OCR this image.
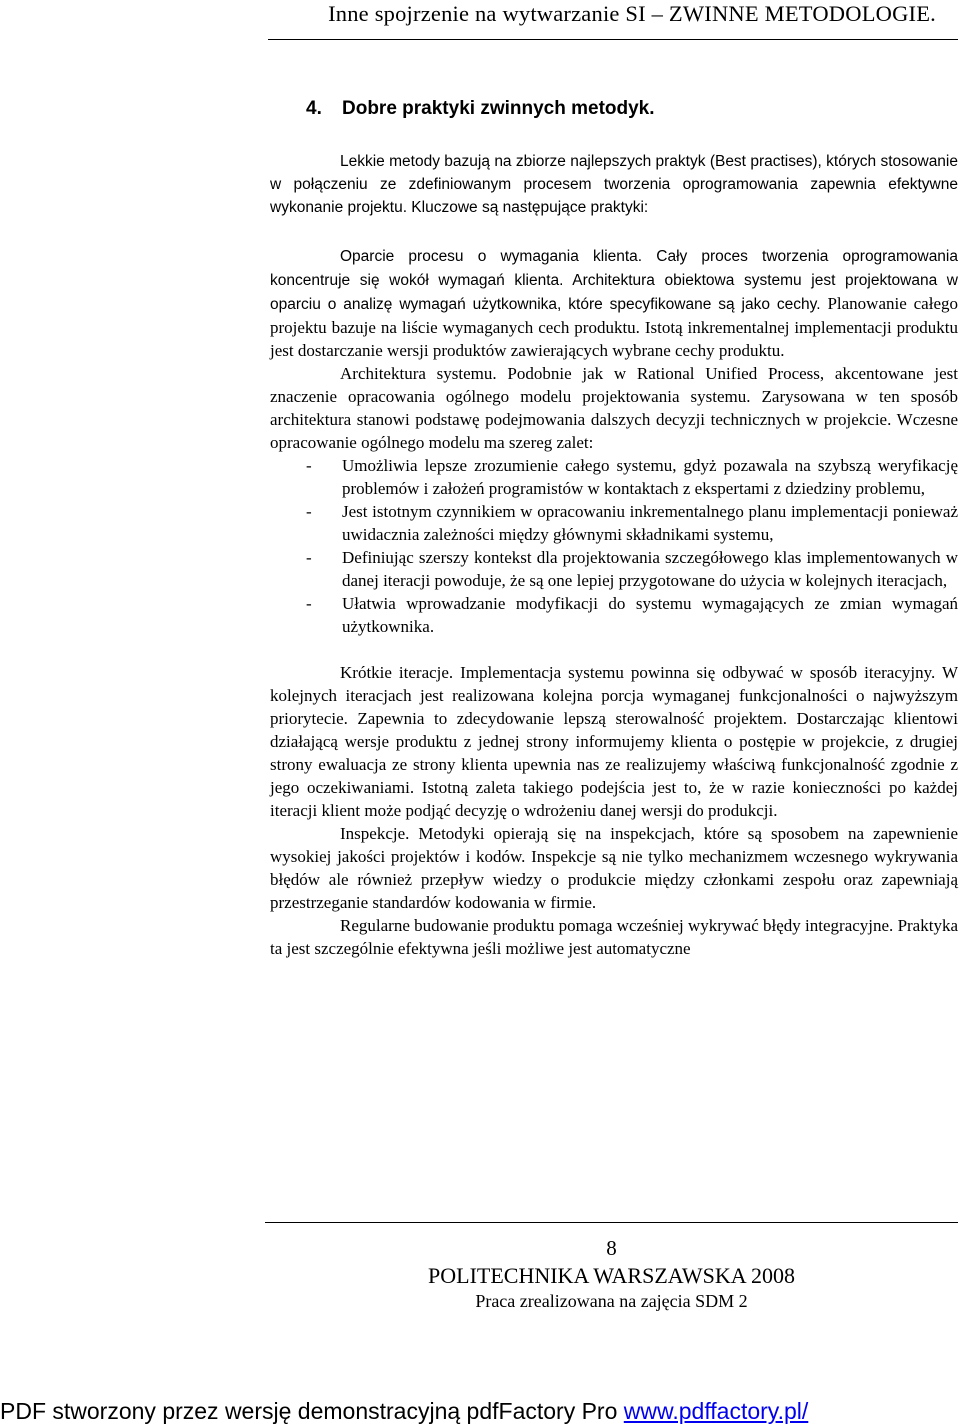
Inne spojrzenie na wytwarzanie SI – ZWINNE METODOLOGIE.
4. Dobre praktyki zwinnych metodyk.

Lekkie metody bazują na zbiorze najlepszych praktyk (Best practises), których stosowanie w połączeniu ze zdefiniowanym procesem tworzenia oprogramowania zapewnia efektywne wykonanie projektu. Kluczowe są następujące praktyki:

Oparcie procesu o wymagania klienta. Cały proces tworzenia oprogramowania koncentruje się wokół wymagań klienta. Architektura obiektowa systemu jest projektowana w oparciu o analizę wymagań użytkownika, które specyfikowane są jako cechy. Planowanie całego projektu bazuje na liście wymaganych cech produktu. Istotą inkrementalnej implementacji produktu jest dostarczanie wersji produktów zawierających wybrane cechy produktu.

Architektura systemu. Podobnie jak w Rational Unified Process, akcentowane jest znaczenie opracowania ogólnego modelu projektowania systemu. Zarysowana w ten sposób architektura stanowi podstawę podejmowania dalszych decyzji technicznych w projekcie. Wczesne opracowanie ogólnego modelu ma szereg zalet:

- Umożliwia lepsze zrozumienie całego systemu, gdyż pozawala na szybszą weryfikację problemów i założeń programistów w kontaktach z ekspertami z dziedziny problemu,
- Jest istotnym czynnikiem w opracowaniu inkrementalnego planu implementacji ponieważ uwidacznia zależności między głównymi składnikami systemu,
- Definiując szerszy kontekst dla projektowania szczegółowego klas implementowanych w danej iteracji powoduje, że są one lepiej przygotowane do użycia w kolejnych iteracjach,
- Ułatwia wprowadzanie modyfikacji do systemu wymagających ze zmian wymagań użytkownika.

Krótkie iteracje. Implementacja systemu powinna się odbywać w sposób iteracyjny. W kolejnych iteracjach jest realizowana kolejna porcja wymaganej funkcjonalności o najwyższym priorytecie. Zapewnia to zdecydowanie lepszą sterowalność projektem. Dostarczając klientowi działającą wersje produktu z jednej strony informujemy klienta o postępie w projekcie, z drugiej strony ewaluacja ze strony klienta upewnia nas ze realizujemy właściwą funkcjonalność zgodnie z jego oczekiwaniami. Istotną zaleta takiego podejścia jest to, że w razie konieczności po każdej iteracji klient może podjąć decyzję o wdrożeniu danej wersji do produkcji.

Inspekcje. Metodyki opierają się na inspekcjach, które są sposobem na zapewnienie wysokiej jakości projektów i kodów. Inspekcje są nie tylko mechanizmem wczesnego wykrywania błędów ale również przepływ wiedzy o produkcie między członkami zespołu oraz zapewniają przestrzeganie standardów kodowania w firmie.

Regularne budowanie produktu pomaga wcześniej wykrywać błędy integracyjne. Praktyka ta jest szczególnie efektywna jeśli możliwe jest automatyczne

8
POLITECHNIKA WARSZAWSKA 2008
Praca zrealizowana na zajęcia SDM 2
PDF stworzony przez wersję demonstracyjną pdfFactory Pro www.pdffactory.pl/
